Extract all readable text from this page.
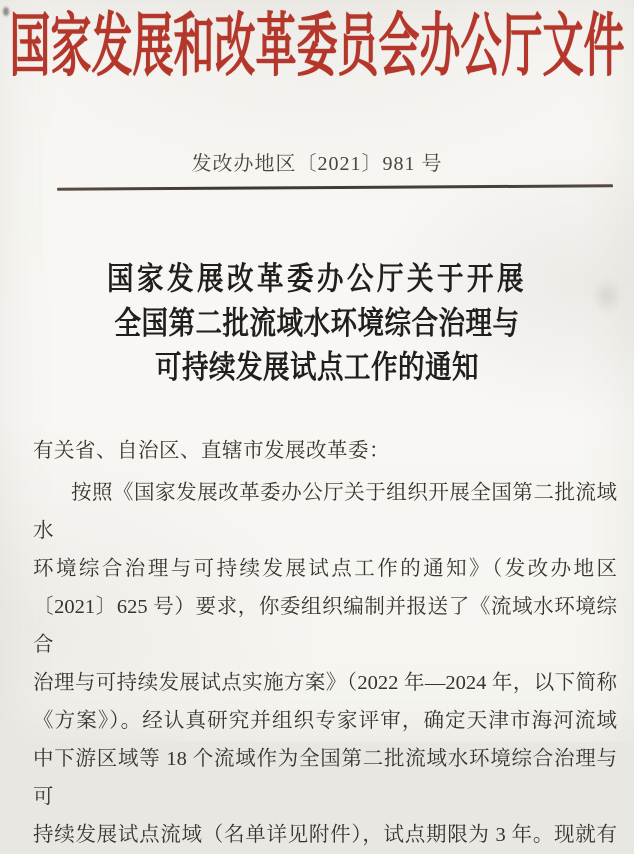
国家发展和改革委员会办公厅文件
发改办地区〔2021〕981 号
国家发展改革委办公厅关于开展
全国第二批流域水环境综合治理与
可持续发展试点工作的通知

有关省、自治区、直辖市发展改革委：

按照《国家发展改革委办公厅关于组织开展全国第二批流域水
环境综合治理与可持续发展试点工作的通知》（发改办地区
〔2021〕625 号）要求，你委组织编制并报送了《流域水环境综合
治理与可持续发展试点实施方案》（2022 年—2024 年，以下简称
《方案》）。经认真研究并组织专家评审，确定天津市海河流域
中下游区域等 18 个流域作为全国第二批流域水环境综合治理与可
持续发展试点流域（名单详见附件），试点期限为 3 年。现就有
